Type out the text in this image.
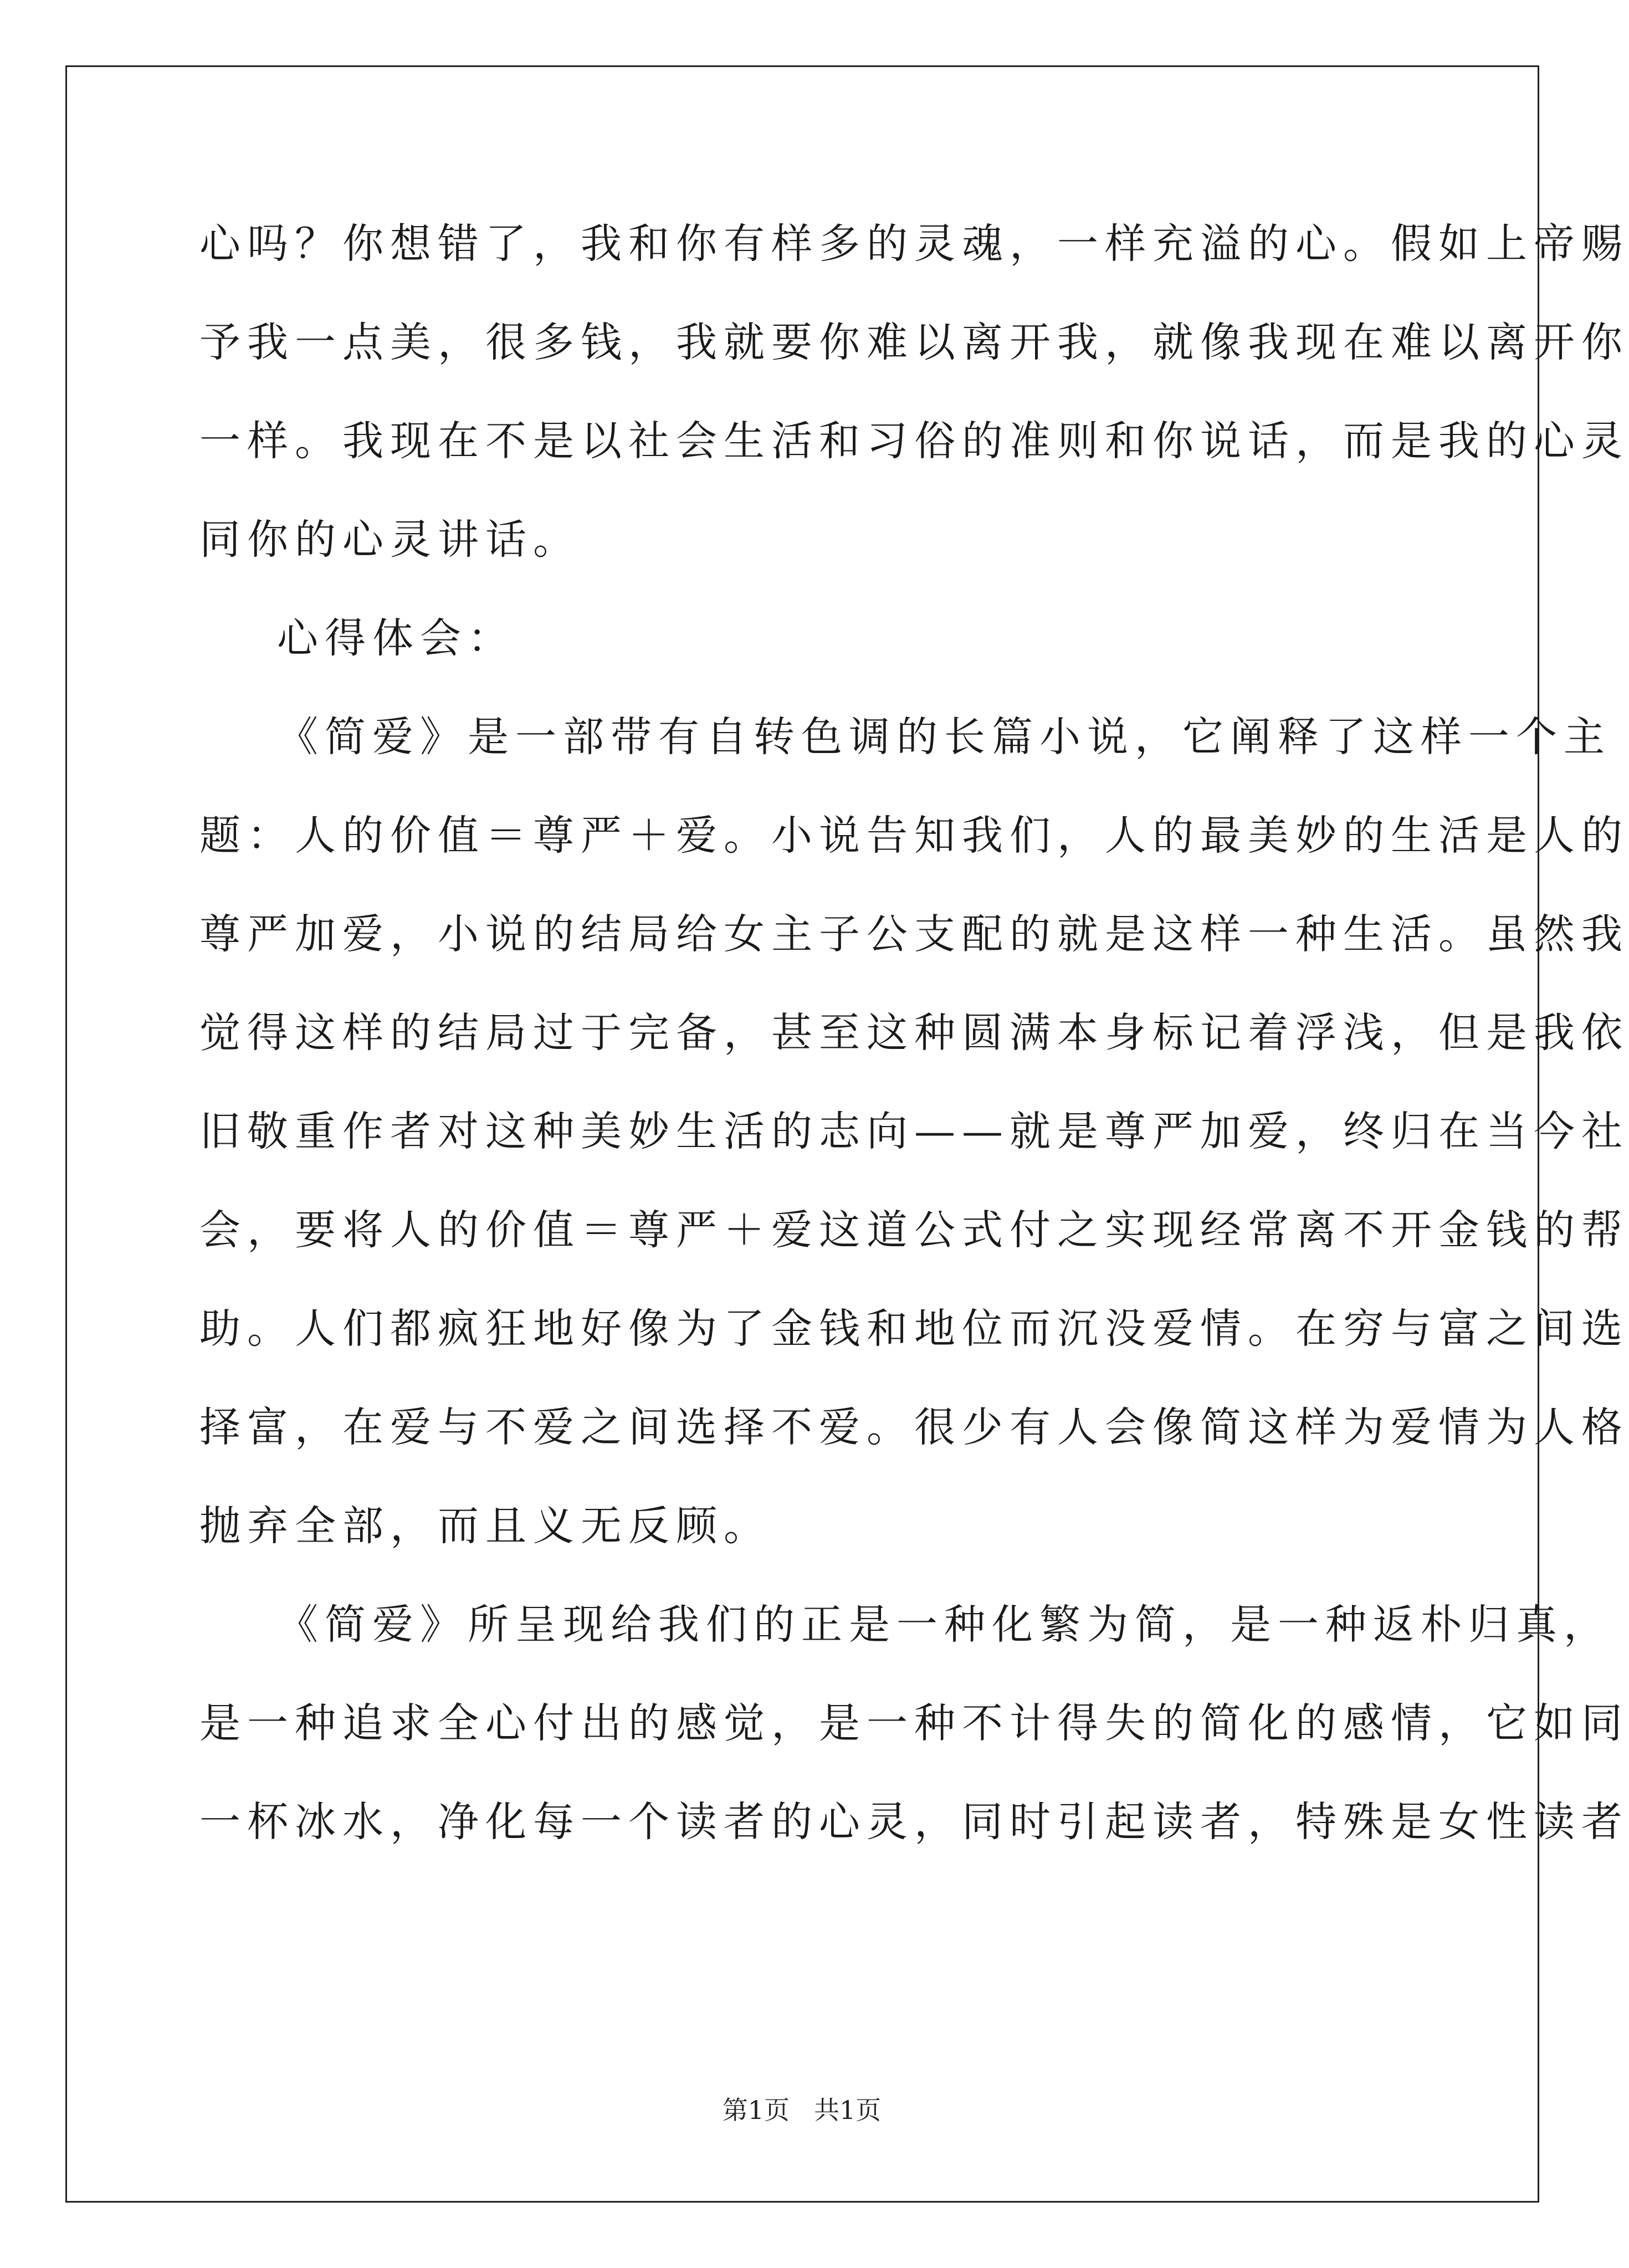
心吗？你想错了，我和你有样多的灵魂，一样充溢的心。假如上帝赐
予我一点美，很多钱，我就要你难以离开我，就像我现在难以离开你
一样。我现在不是以社会生活和习俗的准则和你说话，而是我的心灵
同你的心灵讲话。
心得体会：
《简爱》是一部带有自转色调的长篇小说，它阐释了这样一个主
题：人的价值＝尊严＋爱。小说告知我们，人的最美妙的生活是人的
尊严加爱，小说的结局给女主子公支配的就是这样一种生活。虽然我
觉得这样的结局过于完备，甚至这种圆满本身标记着浮浅，但是我依
旧敬重作者对这种美妙生活的志向——就是尊严加爱，终归在当今社
会，要将人的价值＝尊严＋爱这道公式付之实现经常离不开金钱的帮
助。人们都疯狂地好像为了金钱和地位而沉没爱情。在穷与富之间选
择富，在爱与不爱之间选择不爱。很少有人会像简这样为爱情为人格
抛弃全部，而且义无反顾。
《简爱》所呈现给我们的正是一种化繁为简，是一种返朴归真，
是一种追求全心付出的感觉，是一种不计得失的简化的感情，它如同
一杯冰水，净化每一个读者的心灵，同时引起读者，特殊是女性读者
第1页 共1页
